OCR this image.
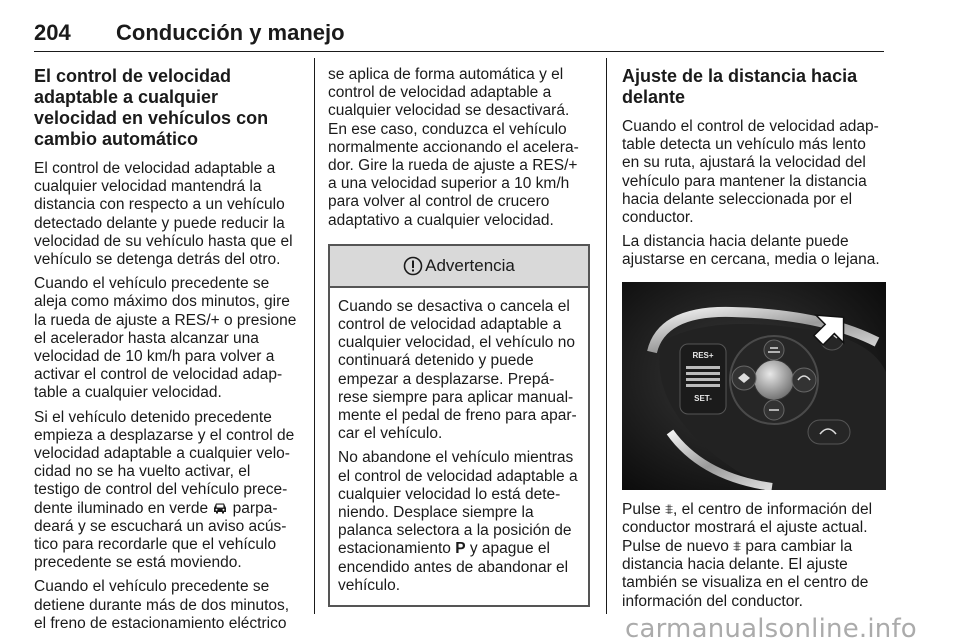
204 Conducción y manejo
El control de velocidad adaptable a cualquier velocidad en vehículos con cambio automático

El control de velocidad adaptable a cualquier velocidad mantendrá la distancia con respecto a un vehículo detectado delante y puede reducir la velocidad de su vehículo hasta que el vehículo se detenga detrás del otro.

Cuando el vehículo precedente se aleja como máximo dos minutos, gire la rueda de ajuste a RES/+ o presione el acelerador hasta alcanzar una velocidad de 10 km/h para volver a activar el control de velocidad adap‐ table a cualquier velocidad.

Si el vehículo detenido precedente empieza a desplazarse y el control de velocidad adaptable a cualquier velo‐ cidad no se ha vuelto activar, el testigo de control del vehículo prece‐ dente iluminado en verde  parpa‐ deará y se escuchará un aviso acús‐ tico para recordarle que el vehículo precedente se está moviendo.

Cuando el vehículo precedente se detiene durante más de dos minutos, el freno de estacionamiento eléctrico

se aplica de forma automática y el control de velocidad adaptable a cualquier velocidad se desactivará. En ese caso, conduzca el vehículo normalmente accionando el acelera‐ dor. Gire la rueda de ajuste a RES/+ a una velocidad superior a 10 km/h para volver al control de crucero adaptativo a cualquier velocidad.

Advertencia

Cuando se desactiva o cancela el control de velocidad adaptable a cualquier velocidad, el vehículo no continuará detenido y puede empezar a desplazarse. Prepá‐ rese siempre para aplicar manual‐ mente el pedal de freno para apar‐ car el vehículo.

No abandone el vehículo mientras el control de velocidad adaptable a cualquier velocidad lo está dete‐ niendo. Desplace siempre la palanca selectora a la posición de estacionamiento P y apague el encendido antes de abandonar el vehículo.

Ajuste de la distancia hacia delante

Cuando el control de velocidad adap‐ table detecta un vehículo más lento en su ruta, ajustará la velocidad del vehículo para mantener la distancia hacia delante seleccionada por el conductor.

La distancia hacia delante puede ajustarse en cercana, media o lejana.

RES+
SET-

Pulse ⩨, el centro de información del conductor mostrará el ajuste actual. Pulse de nuevo ⩨ para cambiar la distancia hacia delante. El ajuste también se visualiza en el centro de información del conductor.

carmanualsonline.info
